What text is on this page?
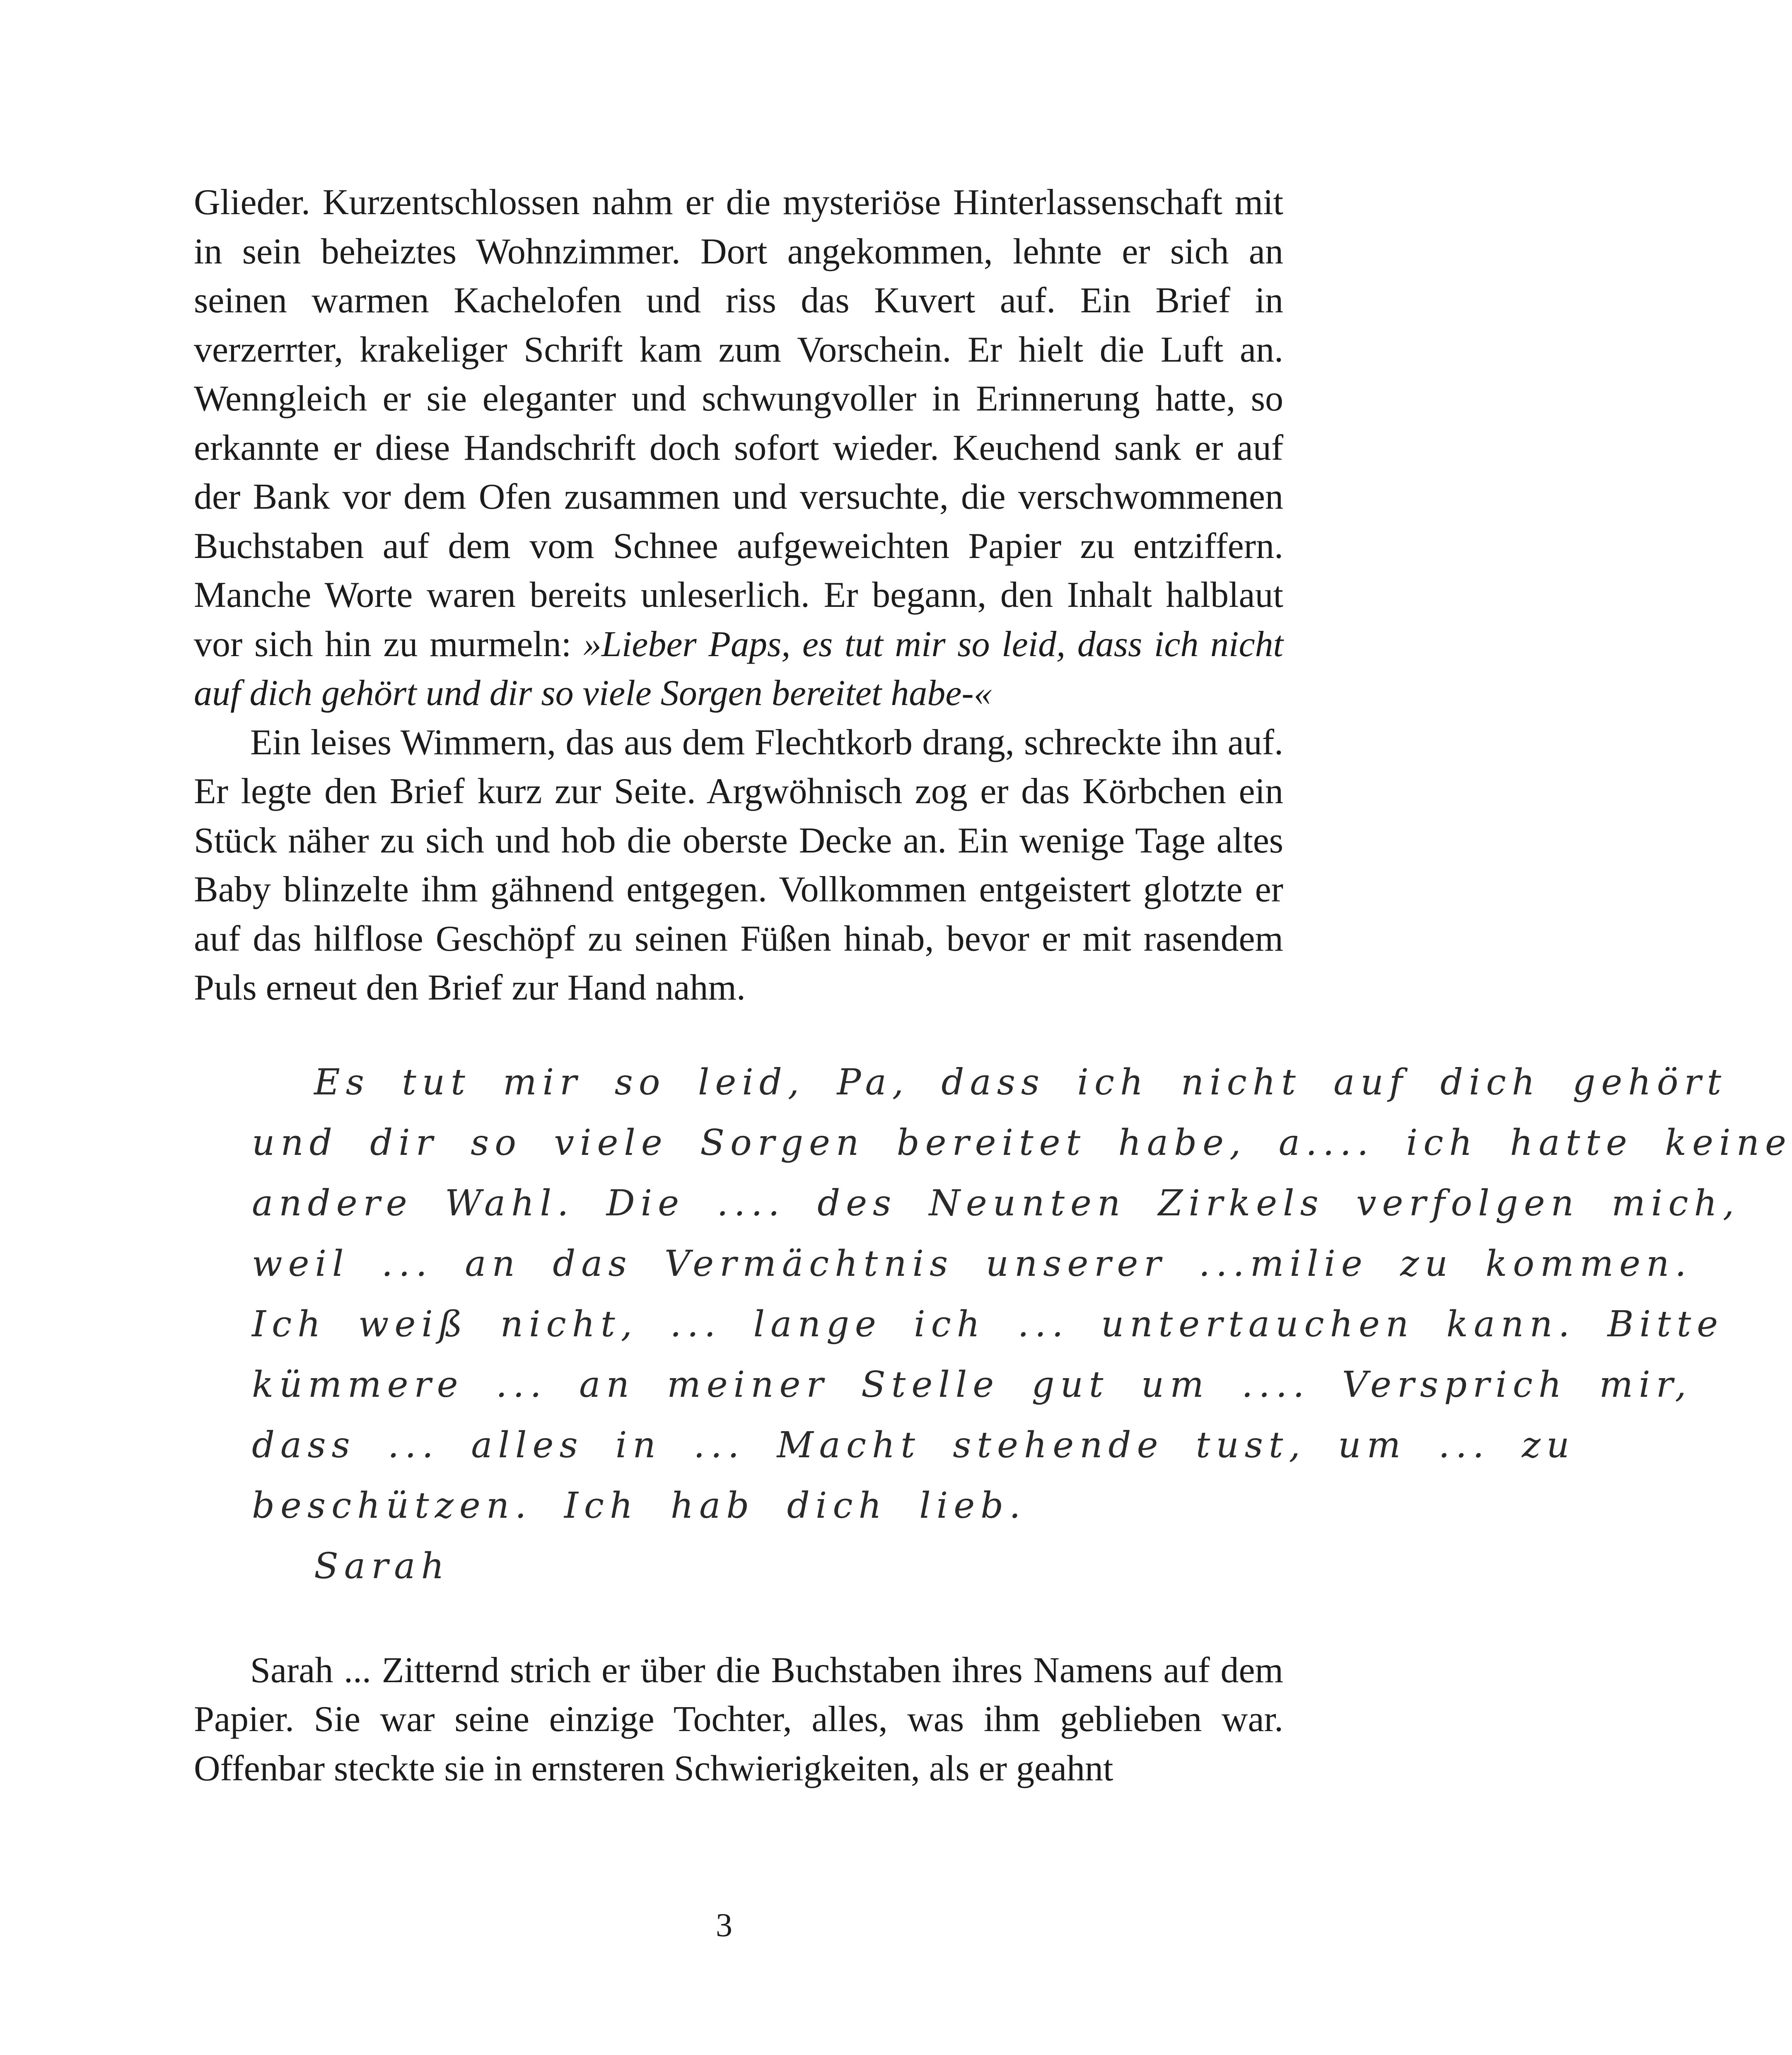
Glieder. Kurzentschlossen nahm er die mysteriöse Hinterlassenschaft mit in sein beheiztes Wohnzimmer. Dort angekommen, lehnte er sich an seinen warmen Kachelofen und riss das Kuvert auf. Ein Brief in verzerrter, krakeliger Schrift kam zum Vorschein. Er hielt die Luft an. Wenngleich er sie eleganter und schwungvoller in Erinnerung hatte, so erkannte er diese Handschrift doch sofort wieder. Keuchend sank er auf der Bank vor dem Ofen zusammen und versuchte, die verschwommenen Buchstaben auf dem vom Schnee aufgeweichten Papier zu entziffern. Manche Worte waren bereits unleserlich. Er begann, den Inhalt halblaut vor sich hin zu murmeln: »Lieber Paps, es tut mir so leid, dass ich nicht auf dich gehört und dir so viele Sorgen bereitet habe-«

Ein leises Wimmern, das aus dem Flechtkorb drang, schreckte ihn auf. Er legte den Brief kurz zur Seite. Argwöhnisch zog er das Körbchen ein Stück näher zu sich und hob die oberste Decke an. Ein wenige Tage altes Baby blinzelte ihm gähnend entgegen. Vollkommen entgeistert glotzte er auf das hilflose Geschöpf zu seinen Füßen hinab, bevor er mit rasendem Puls erneut den Brief zur Hand nahm.

Es tut mir so leid, Pa, dass ich nicht auf dich gehört
und dir so viele Sorgen bereitet habe, a.... ich hatte keine
andere Wahl. Die .... des Neunten Zirkels verfolgen mich,
weil ... an das Vermächtnis unserer ...milie zu kommen.
Ich weiß nicht, ... lange ich ... untertauchen kann. Bitte
kümmere ... an meiner Stelle gut um .... Versprich mir,
dass ... alles in ... Macht stehende tust, um ... zu
beschützen. Ich hab dich lieb.
Sarah

Sarah ... Zitternd strich er über die Buchstaben ihres Namens auf dem Papier. Sie war seine einzige Tochter, alles, was ihm geblieben war. Offenbar steckte sie in ernsteren Schwierigkeiten, als er geahnt

3
